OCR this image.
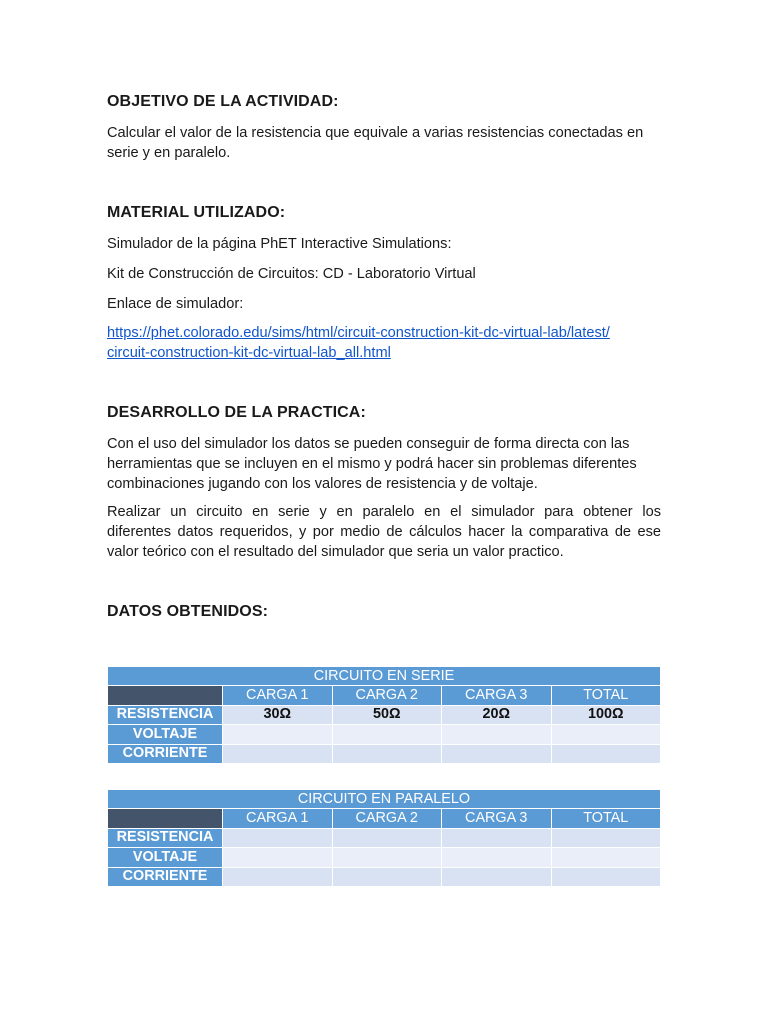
OBJETIVO DE LA ACTIVIDAD:
Calcular el valor de la resistencia que equivale a varias resistencias conectadas en
serie y en paralelo.
MATERIAL UTILIZADO:
Simulador de la página PhET Interactive Simulations:
Kit de Construcción de Circuitos: CD - Laboratorio Virtual
Enlace de simulador:
https://phet.colorado.edu/sims/html/circuit-construction-kit-dc-virtual-lab/latest/
circuit-construction-kit-dc-virtual-lab_all.html
DESARROLLO DE LA PRACTICA:
Con el uso del simulador los datos se pueden conseguir de forma directa con las
herramientas que se incluyen en el mismo y podrá hacer sin problemas diferentes
combinaciones jugando con los valores de resistencia y de voltaje.
Realizar un circuito en serie y en paralelo en el simulador para obtener los
diferentes datos requeridos, y por medio de cálculos hacer la comparativa de ese
valor teórico con el resultado del simulador que seria un valor practico.
DATOS OBTENIDOS:
CIRCUITO EN SERIE				
	CARGA 1	CARGA 2	CARGA 3	TOTAL
RESISTENCIA	30Ω	50Ω	20Ω	100Ω
VOLTAJE				
CORRIENTE				
CIRCUITO EN PARALELO				
	CARGA 1	CARGA 2	CARGA 3	TOTAL
RESISTENCIA				
VOLTAJE				
CORRIENTE				
